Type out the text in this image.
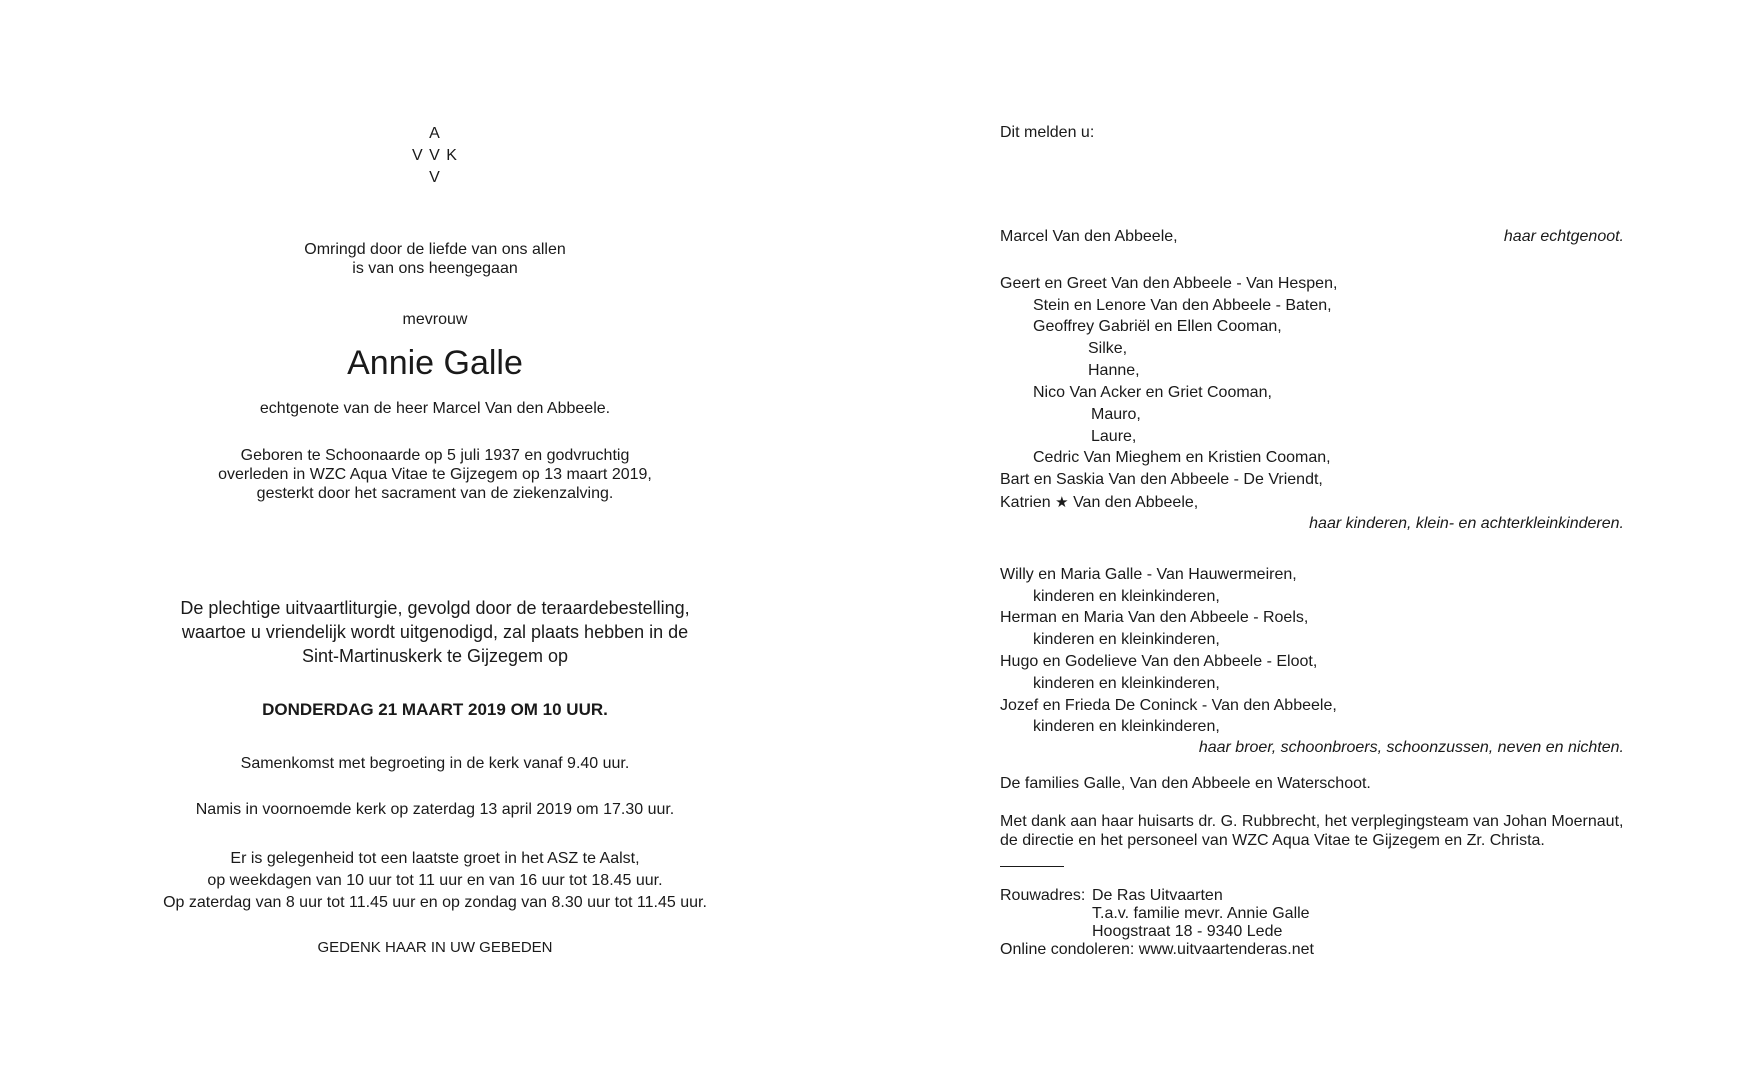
A
V V K
V
Omringd door de liefde van ons allen
is van ons heengegaan
mevrouw
Annie Galle
echtgenote van de heer Marcel Van den Abbeele.
Geboren te Schoonaarde op 5 juli 1937 en godvruchtig
overleden in WZC Aqua Vitae te Gijzegem op 13 maart 2019,
gesterkt door het sacrament van de ziekenzalving.
De plechtige uitvaartliturgie, gevolgd door de teraardebestelling,
waartoe u vriendelijk wordt uitgenodigd, zal plaats hebben in de
Sint-Martinuskerk te Gijzegem op
DONDERDAG 21 MAART 2019 OM 10 UUR.
Samenkomst met begroeting in de kerk vanaf 9.40 uur.
Namis in voornoemde kerk op zaterdag 13 april 2019 om 17.30 uur.
Er is gelegenheid tot een laatste groet in het ASZ te Aalst,
op weekdagen van 10 uur tot 11 uur en van 16 uur tot 18.45 uur.
Op zaterdag van 8 uur tot 11.45 uur en op zondag van 8.30 uur tot 11.45 uur.
GEDENK HAAR IN UW GEBEDEN
Dit melden u:
Marcel Van den Abbeele,	haar echtgenoot.
Geert en Greet Van den Abbeele - Van Hespen,
Stein en Lenore Van den Abbeele - Baten,
Geoffrey Gabriël en Ellen Cooman,
Silke,
Hanne,
Nico Van Acker en Griet Cooman,
Mauro,
Laure,
Cedric Van Mieghem en Kristien Cooman,
Bart en Saskia Van den Abbeele - De Vriendt,
Katrien ★ Van den Abbeele,
haar kinderen, klein- en achterkleinkinderen.
Willy en Maria Galle - Van Hauwermeiren,
kinderen en kleinkinderen,
Herman en Maria Van den Abbeele - Roels,
kinderen en kleinkinderen,
Hugo en Godelieve Van den Abbeele - Eloot,
kinderen en kleinkinderen,
Jozef en Frieda De Coninck - Van den Abbeele,
kinderen en kleinkinderen,
haar broer, schoonbroers, schoonzussen, neven en nichten.
De families Galle, Van den Abbeele en Waterschoot.
Met dank aan haar huisarts dr. G. Rubbrecht, het verplegingsteam van Johan Moernaut,
de directie en het personeel van WZC Aqua Vitae te Gijzegem en Zr. Christa.
Rouwadres: De Ras Uitvaarten
T.a.v. familie mevr. Annie Galle
Hoogstraat 18 - 9340 Lede
Online condoleren: www.uitvaartenderas.net
